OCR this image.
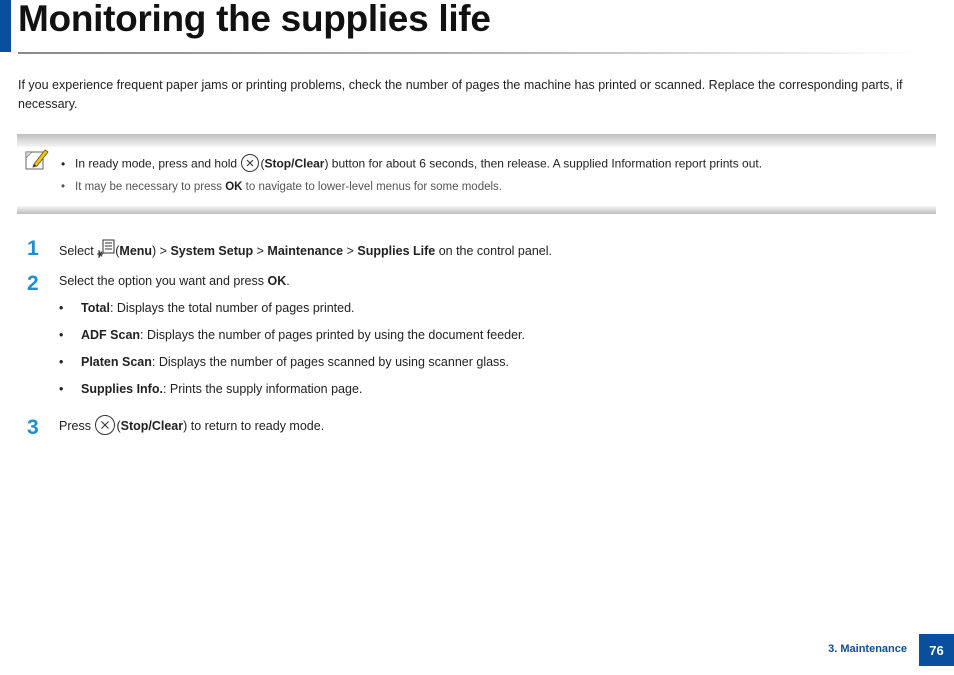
Monitoring the supplies life

If you experience frequent paper jams or printing problems, check the number of pages the machine has printed or scanned. Replace the corresponding parts, if necessary.

• In ready mode, press and hold (Stop/Clear) button for about 6 seconds, then release. A supplied Information report prints out.
• It may be necessary to press OK to navigate to lower-level menus for some models.
1 Select (Menu) > System Setup > Maintenance > Supplies Life on the control panel.
2 Select the option you want and press OK.
• Total: Displays the total number of pages printed.
• ADF Scan: Displays the number of pages printed by using the document feeder.
• Platen Scan: Displays the number of pages scanned by using scanner glass.
• Supplies Info.: Prints the supply information page.
3 Press (Stop/Clear) to return to ready mode.
3. Maintenance	76
